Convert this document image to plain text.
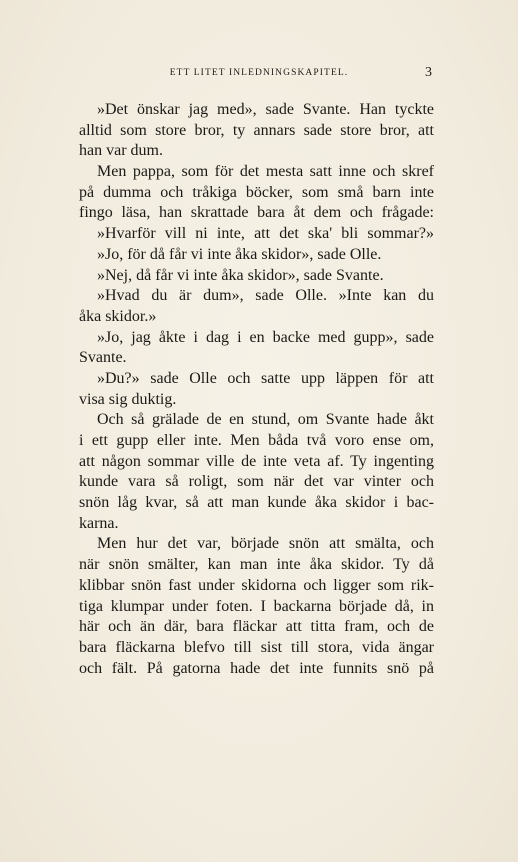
ETT LITET INLEDNINGSKAPITEL.	3
»Det önskar jag med», sade Svante. Han tyckte
alltid som store bror, ty annars sade store bror, att
han var dum.
Men pappa, som för det mesta satt inne och skref
på dumma och tråkiga böcker, som små barn inte
fingo läsa, han skrattade bara åt dem och frågade:
»Hvarför vill ni inte, att det ska' bli sommar?»
»Jo, för då får vi inte åka skidor», sade Olle.
»Nej, då får vi inte åka skidor», sade Svante.
»Hvad du är dum», sade Olle. »Inte kan du
åka skidor.»
»Jo, jag åkte i dag i en backe med gupp», sade
Svante.
»Du?» sade Olle och satte upp läppen för att
visa sig duktig.
Och så grälade de en stund, om Svante hade åkt
i ett gupp eller inte. Men båda två voro ense om,
att någon sommar ville de inte veta af. Ty ingenting
kunde vara så roligt, som när det var vinter och
snön låg kvar, så att man kunde åka skidor i bac-
karna.
Men hur det var, började snön att smälta, och
när snön smälter, kan man inte åka skidor. Ty då
klibbar snön fast under skidorna och ligger som rik-
tiga klumpar under foten. I backarna började då, in
här och än där, bara fläckar att titta fram, och de
bara fläckarna blefvo till sist till stora, vida ängar
och fält. På gatorna hade det inte funnits snö på
